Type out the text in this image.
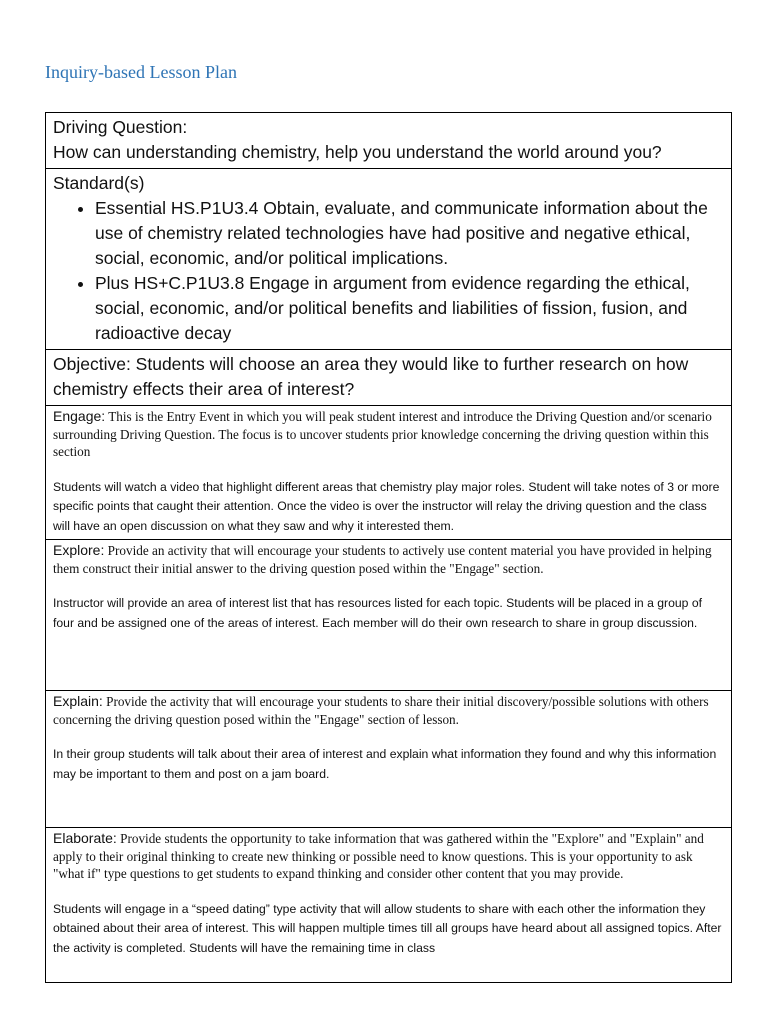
Inquiry-based Lesson Plan
Driving Question:
How can understanding chemistry, help you understand the world around you?

Standard(s)
• Essential HS.P1U3.4 Obtain, evaluate, and communicate information about the use of chemistry related technologies have had positive and negative ethical, social, economic, and/or political implications.
• Plus HS+C.P1U3.8 Engage in argument from evidence regarding the ethical, social, economic, and/or political benefits and liabilities of fission, fusion, and radioactive decay

Objective: Students will choose an area they would like to further research on how chemistry effects their area of interest?

Engage: This is the Entry Event in which you will peak student interest and introduce the Driving Question and/or scenario surrounding Driving Question. The focus is to uncover students prior knowledge concerning the driving question within this section

Students will watch a video that highlight different areas that chemistry play major roles. Student will take notes of 3 or more specific points that caught their attention. Once the video is over the instructor will relay the driving question and the class will have an open discussion on what they saw and why it interested them.

Explore: Provide an activity that will encourage your students to actively use content material you have provided in helping them construct their initial answer to the driving question posed within the "Engage" section.

Instructor will provide an area of interest list that has resources listed for each topic. Students will be placed in a group of four and be assigned one of the areas of interest. Each member will do their own research to share in group discussion.

Explain: Provide the activity that will encourage your students to share their initial discovery/possible solutions with others concerning the driving question posed within the "Engage" section of lesson.

In their group students will talk about their area of interest and explain what information they found and why this information may be important to them and post on a jam board.

Elaborate: Provide students the opportunity to take information that was gathered within the "Explore" and "Explain" and apply to their original thinking to create new thinking or possible need to know questions. This is your opportunity to ask "what if" type questions to get students to expand thinking and consider other content that you may provide.

Students will engage in a “speed dating” type activity that will allow students to share with each other the information they obtained about their area of interest. This will happen multiple times till all groups have heard about all assigned topics. After the activity is completed. Students will have the remaining time in class
